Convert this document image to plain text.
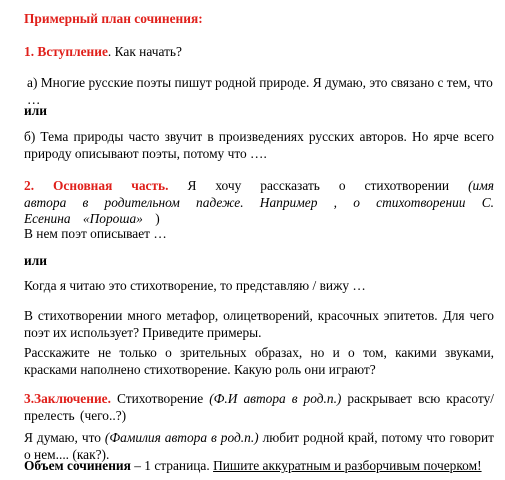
Примерный план сочинения:

1. Вступление. Как начать?

а) Многие русские поэты пишут родной природе. Я думаю, это связано с тем, что …

или

б) Тема природы часто звучит в произведениях русских авторов. Но ярче всего природу описывают поэты, потому что ….

2. Основная часть. Я хочу рассказать о стихотворении (имя автора в родительном падеже. Например , о стихотворении С. Есенина «Пороша» )

В нем поэт описывает …

или

Когда я читаю это стихотворение, то представляю / вижу …

В стихотворении много метафор, олицетворений, красочных эпитетов. Для чего поэт их использует? Приведите примеры.

Расскажите не только о зрительных образах, но и о том, какими звуками, красками наполнено стихотворение. Какую роль они играют?

3.Заключение. Стихотворение (Ф.И автора в род.п.) раскрывает всю красоту/ прелесть (чего..?)

Я думаю, что (Фамилия автора в род.п.) любит родной край, потому что говорит о нем.... (как?).

Объем сочинения – 1 страница. Пишите аккуратным и разборчивым почерком!
